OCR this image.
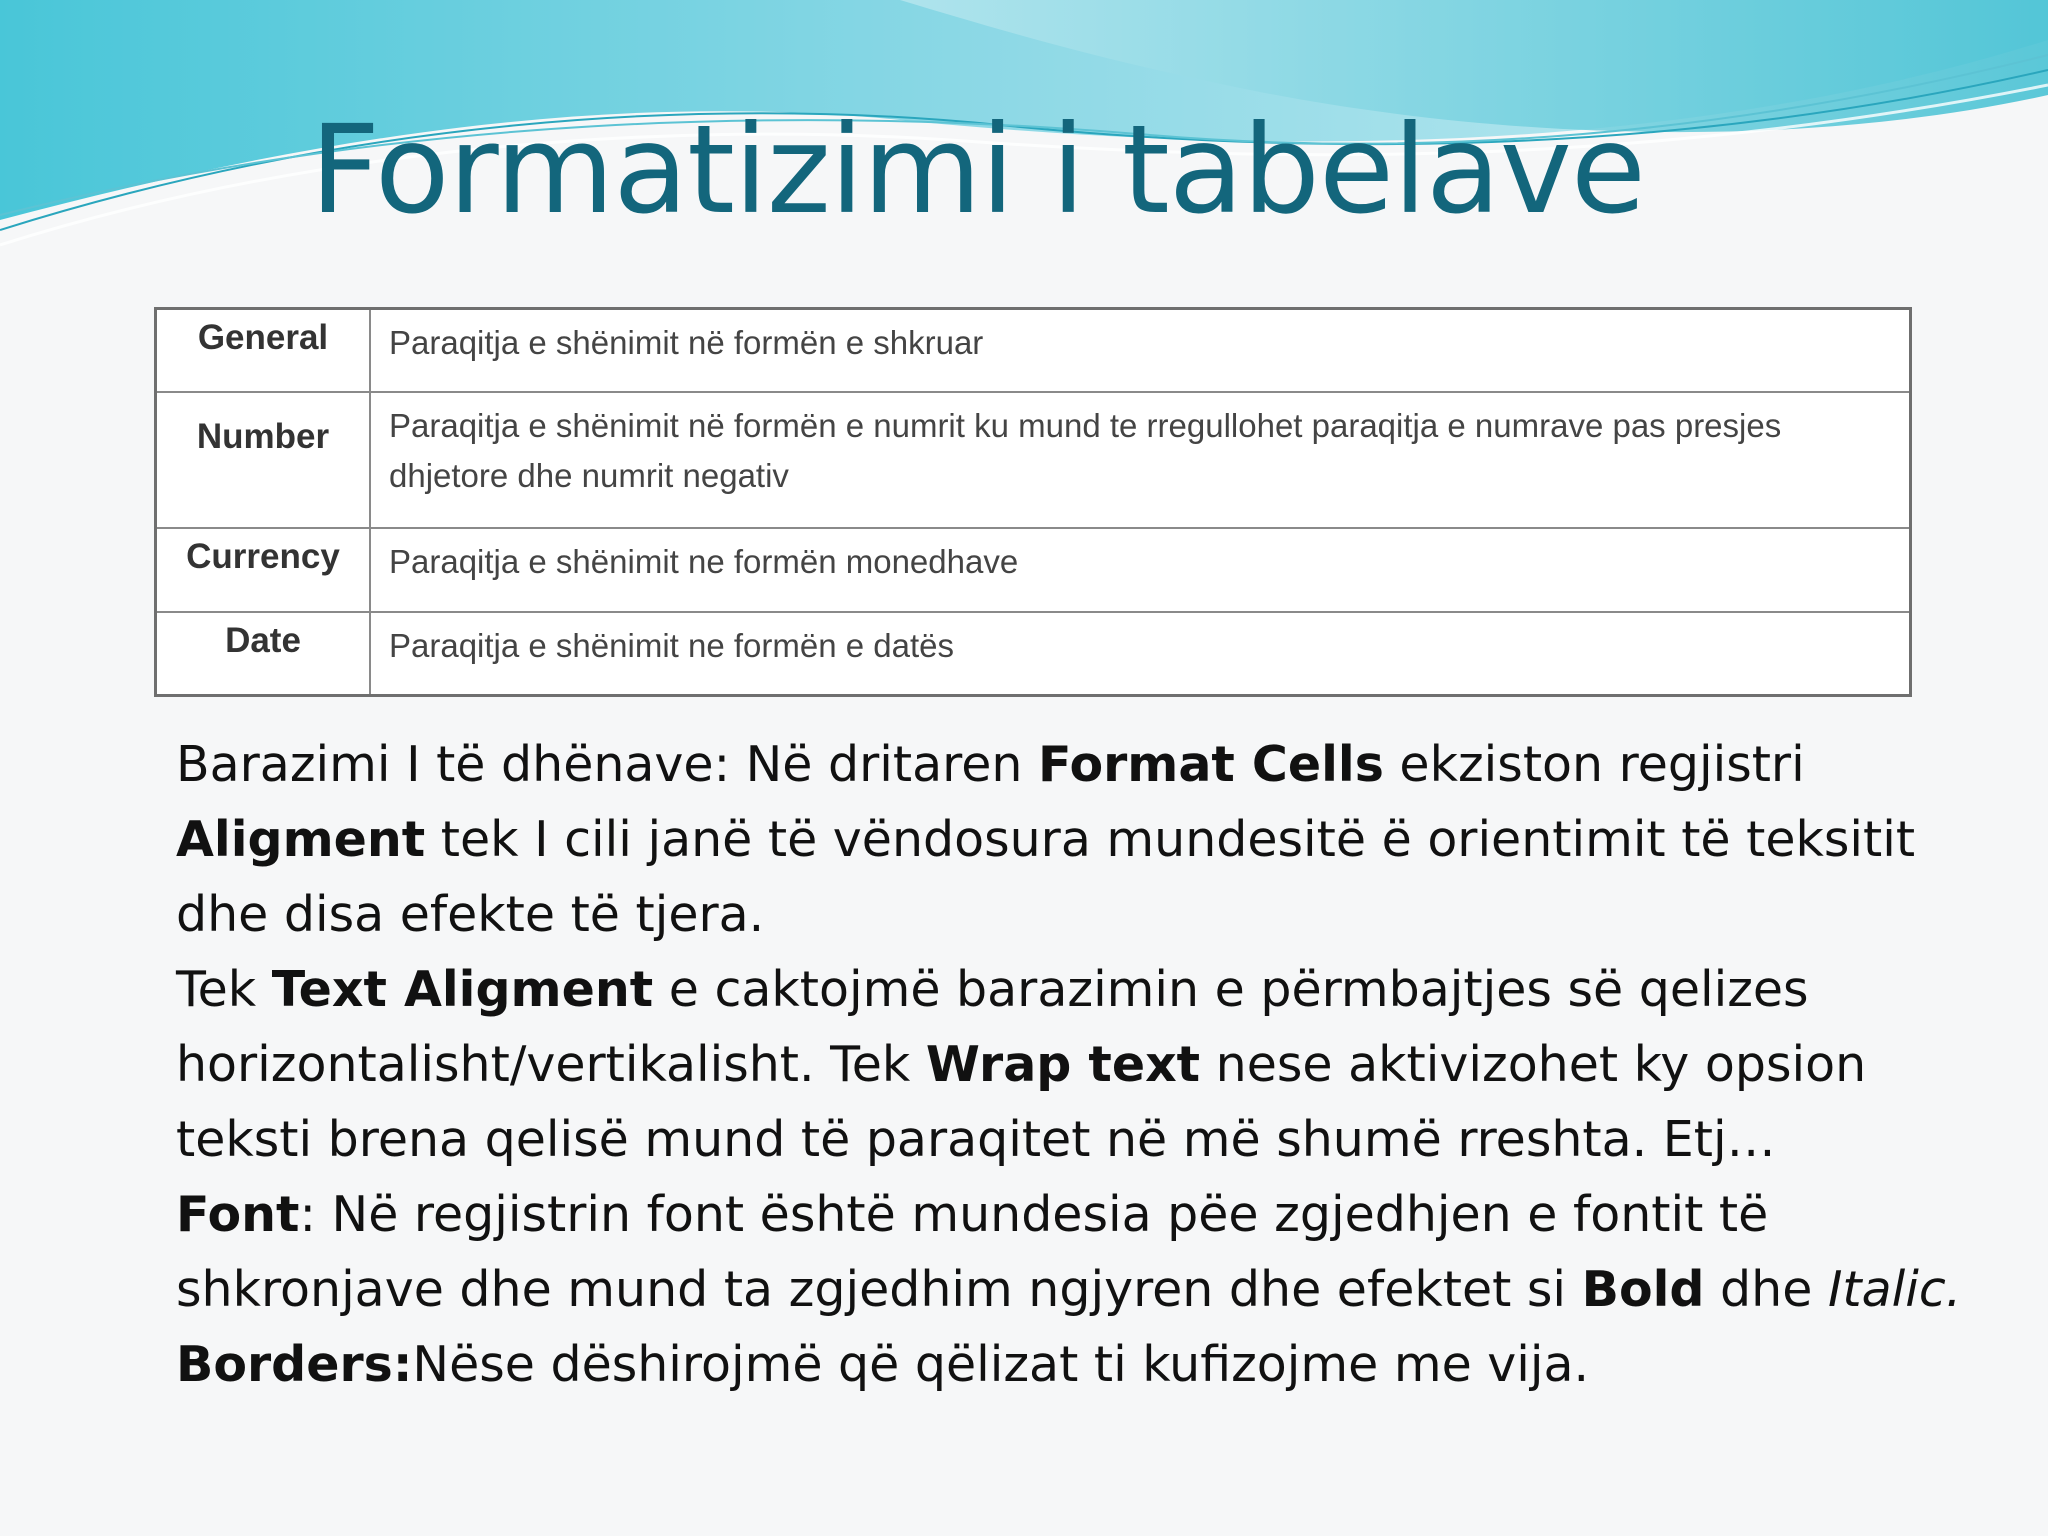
Formatizimi i tabelave
General	Paraqitja e shënimit në formën e shkruar
Number	Paraqitja e shënimit në formën e numrit ku mund te rregullohet paraqitja e numrave pas presjes dhjetore dhe numrit negativ
Currency	Paraqitja e shënimit ne formën monedhave
Date	Paraqitja e shënimit ne formën e datës

Barazimi I të dhënave: Në dritaren Format Cells ekziston regjistri Aligment tek I cili janë të vëndosura mundesitë ë orientimit të teksitit dhe disa efekte të tjera.

Tek Text Aligment e caktojmë barazimin e përmbajtjes së qelizes horizontalisht/vertikalisht. Tek Wrap text nese aktivizohet ky opsion teksti brena qelisë mund të paraqitet në më shumë rreshta. Etj…

Font: Në regjistrin font është mundesia pëe zgjedhjen e fontit të shkronjave dhe mund ta zgjedhim ngjyren dhe efektet si Bold dhe Italic.

Borders:Nëse dëshirojmë që qëlizat ti kufizojme me vija.
